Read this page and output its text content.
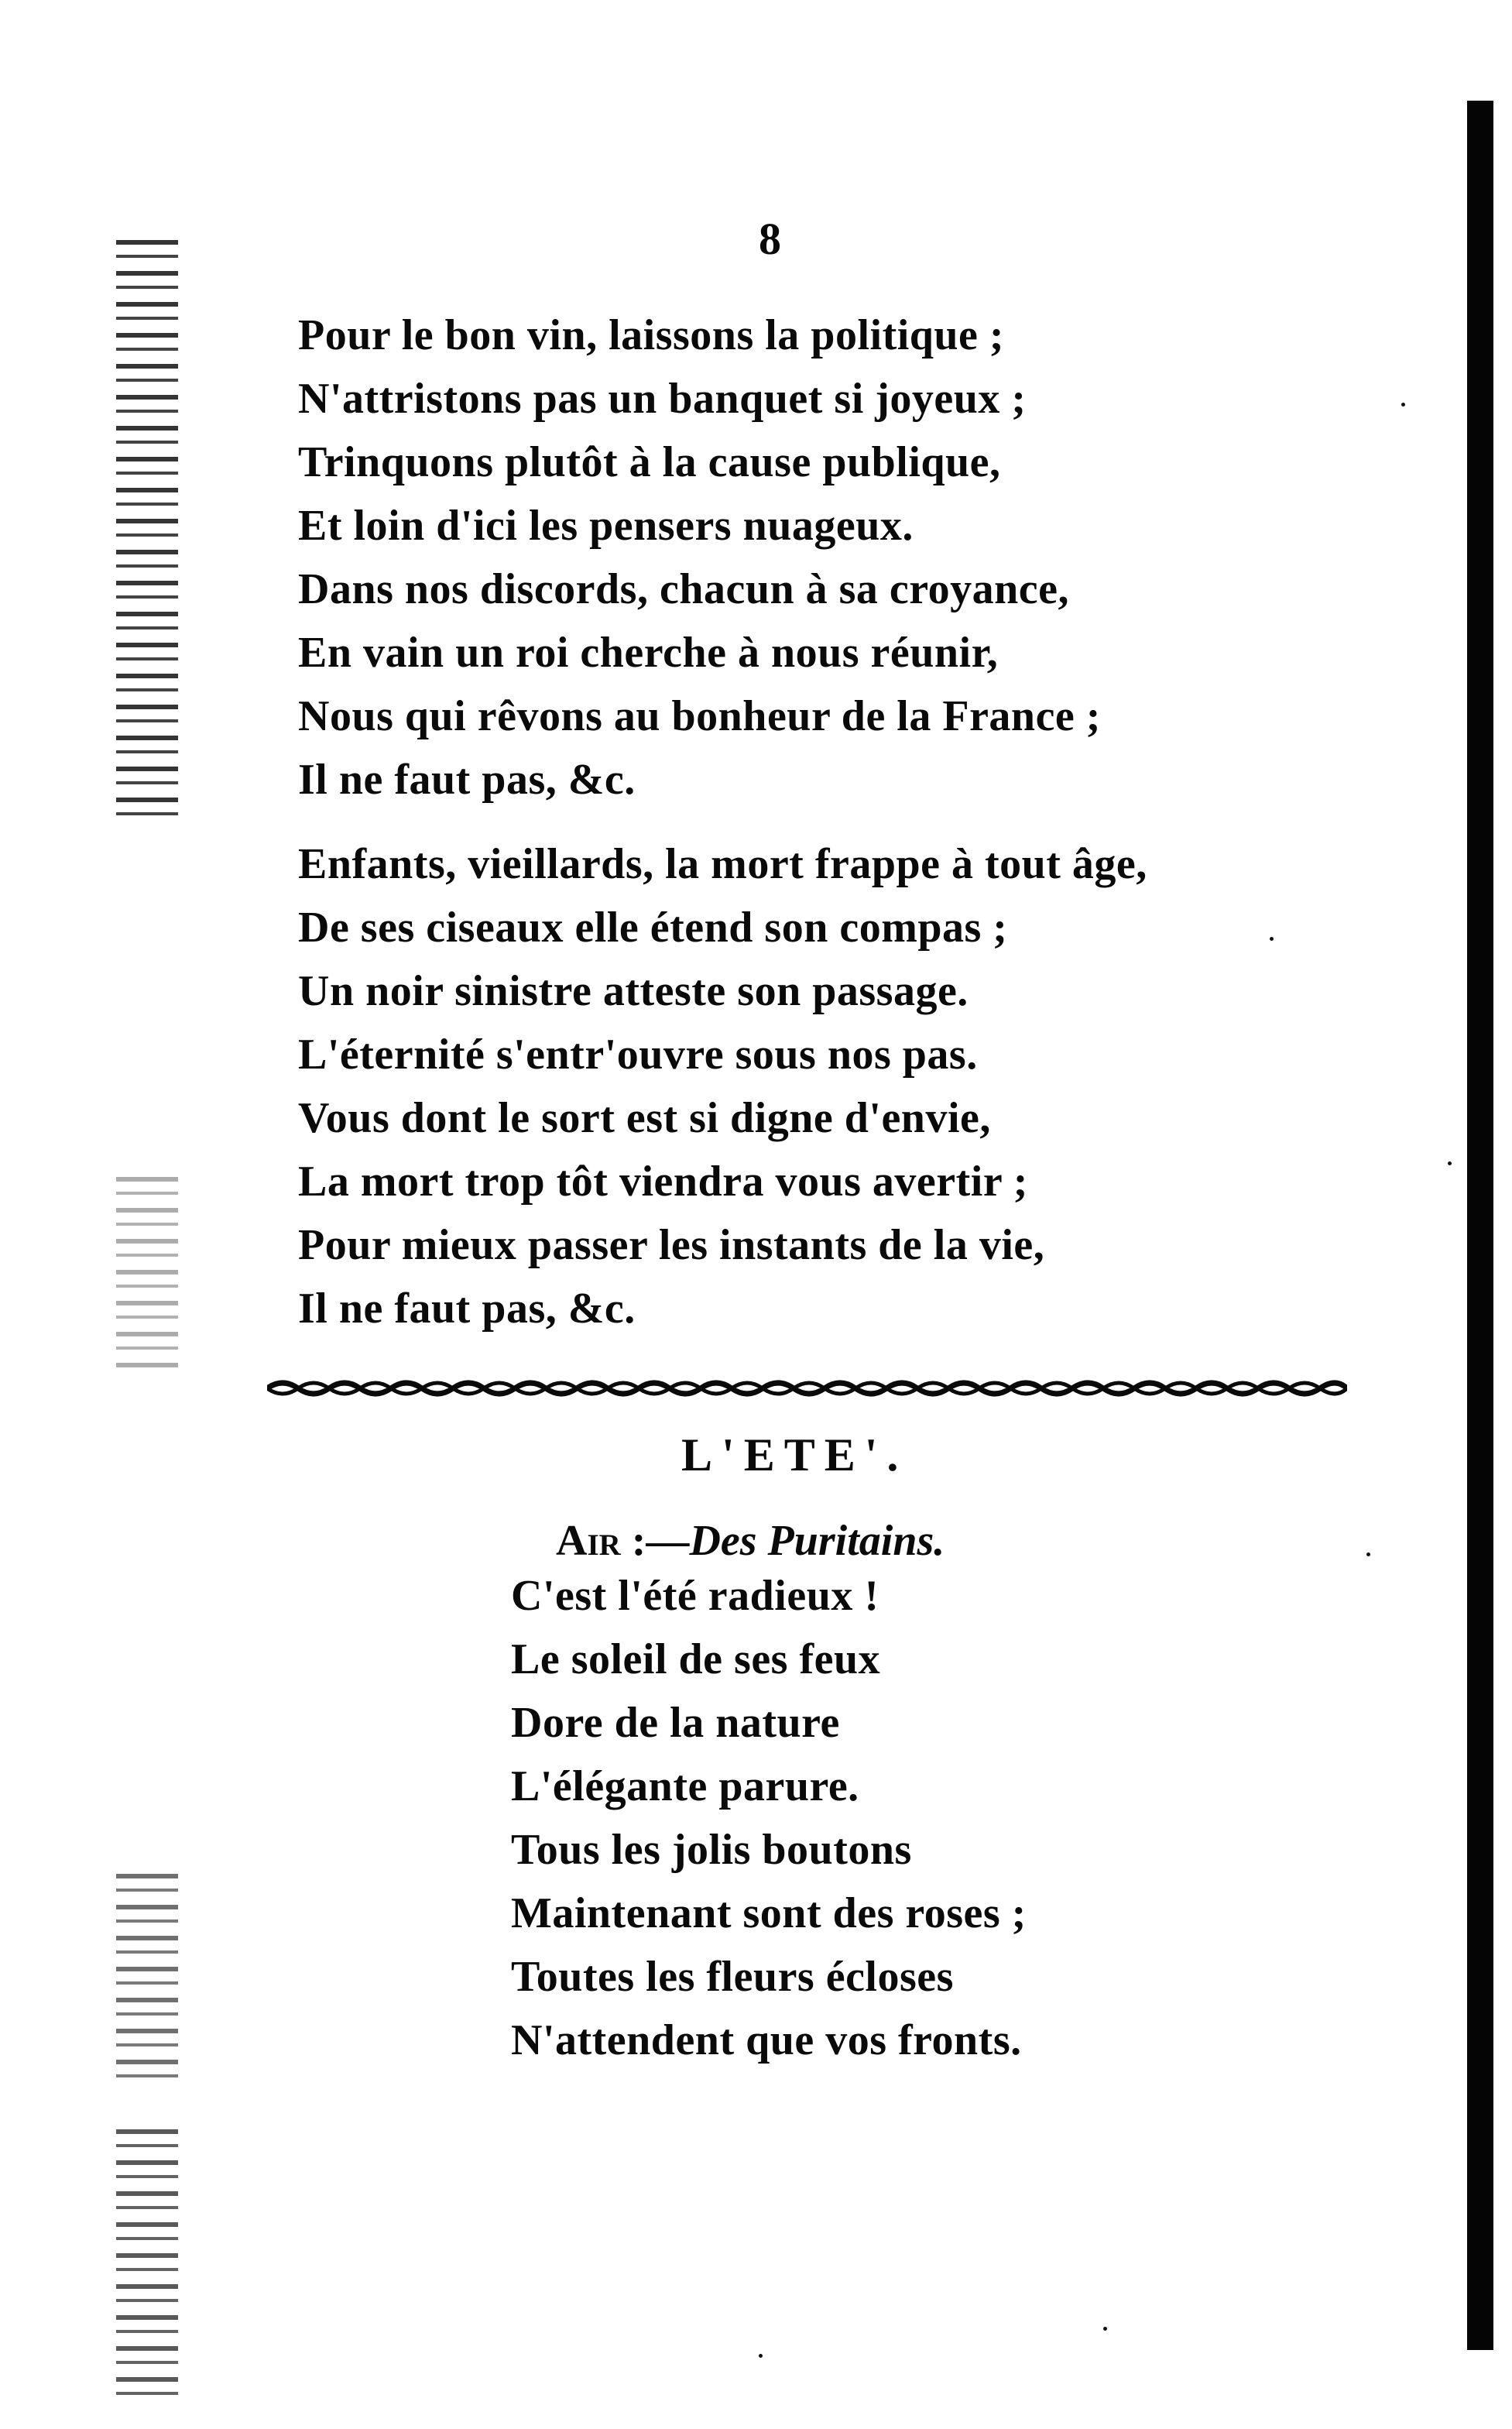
8
Pour le bon vin, laissons la politique ;
N'attristons pas un banquet si joyeux ;
Trinquons plutôt à la cause publique,
Et loin d'ici les pensers nuageux.
Dans nos discords, chacun à sa croyance,
En vain un roi cherche à nous réunir,
Nous qui rêvons au bonheur de la France ;
Il ne faut pas, &c.
Enfants, vieillards, la mort frappe à tout âge,
De ses ciseaux elle étend son compas ;
Un noir sinistre atteste son passage.
L'éternité s'entr'ouvre sous nos pas.
Vous dont le sort est si digne d'envie,
La mort trop tôt viendra vous avertir ;
Pour mieux passer les instants de la vie,
Il ne faut pas, &c.
L'ETE'.
Air :—Des Puritains.
C'est l'été radieux !
Le soleil de ses feux
Dore de la nature
L'élégante parure.
Tous les jolis boutons
Maintenant sont des roses ;
Toutes les fleurs écloses
N'attendent que vos fronts.
